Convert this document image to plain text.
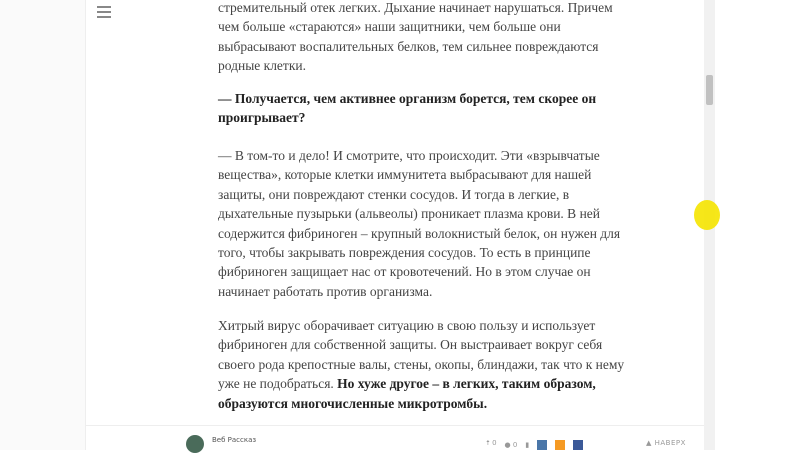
стремительный отек легких. Дыхание начинает нарушаться. Причем
чем больше «стараются» наши защитники, чем больше они
выбрасывают воспалительных белков, тем сильнее повреждаются
родные клетки.
— Получается, чем активнее организм борется, тем скорее он
проигрывает?
— В том-то и дело! И смотрите, что происходит. Эти «взрывчатые
вещества», которые клетки иммунитета выбрасывают для нашей
защиты, они повреждают стенки сосудов. И тогда в легкие, в
дыхательные пузырьки (альвеолы) проникает плазма крови. В ней
содержится фибриноген – крупный волокнистый белок, он нужен для
того, чтобы закрывать повреждения сосудов. То есть в принципе
фибриноген защищает нас от кровотечений. Но в этом случае он
начинает работать против организма.
Хитрый вирус оборачивает ситуацию в свою пользу и использует
фибриноген для собственной защиты. Он выстраивает вокруг себя
своего рода крепостные валы, стены, окопы, блиндажи, так что к нему
уже не подобраться. Но хуже другое – в легких, таким образом,
образуются многочисленные микротромбы.
Веб Рассказ	🠅 0 ● 0 ▮	▲ НАВЕРХ
